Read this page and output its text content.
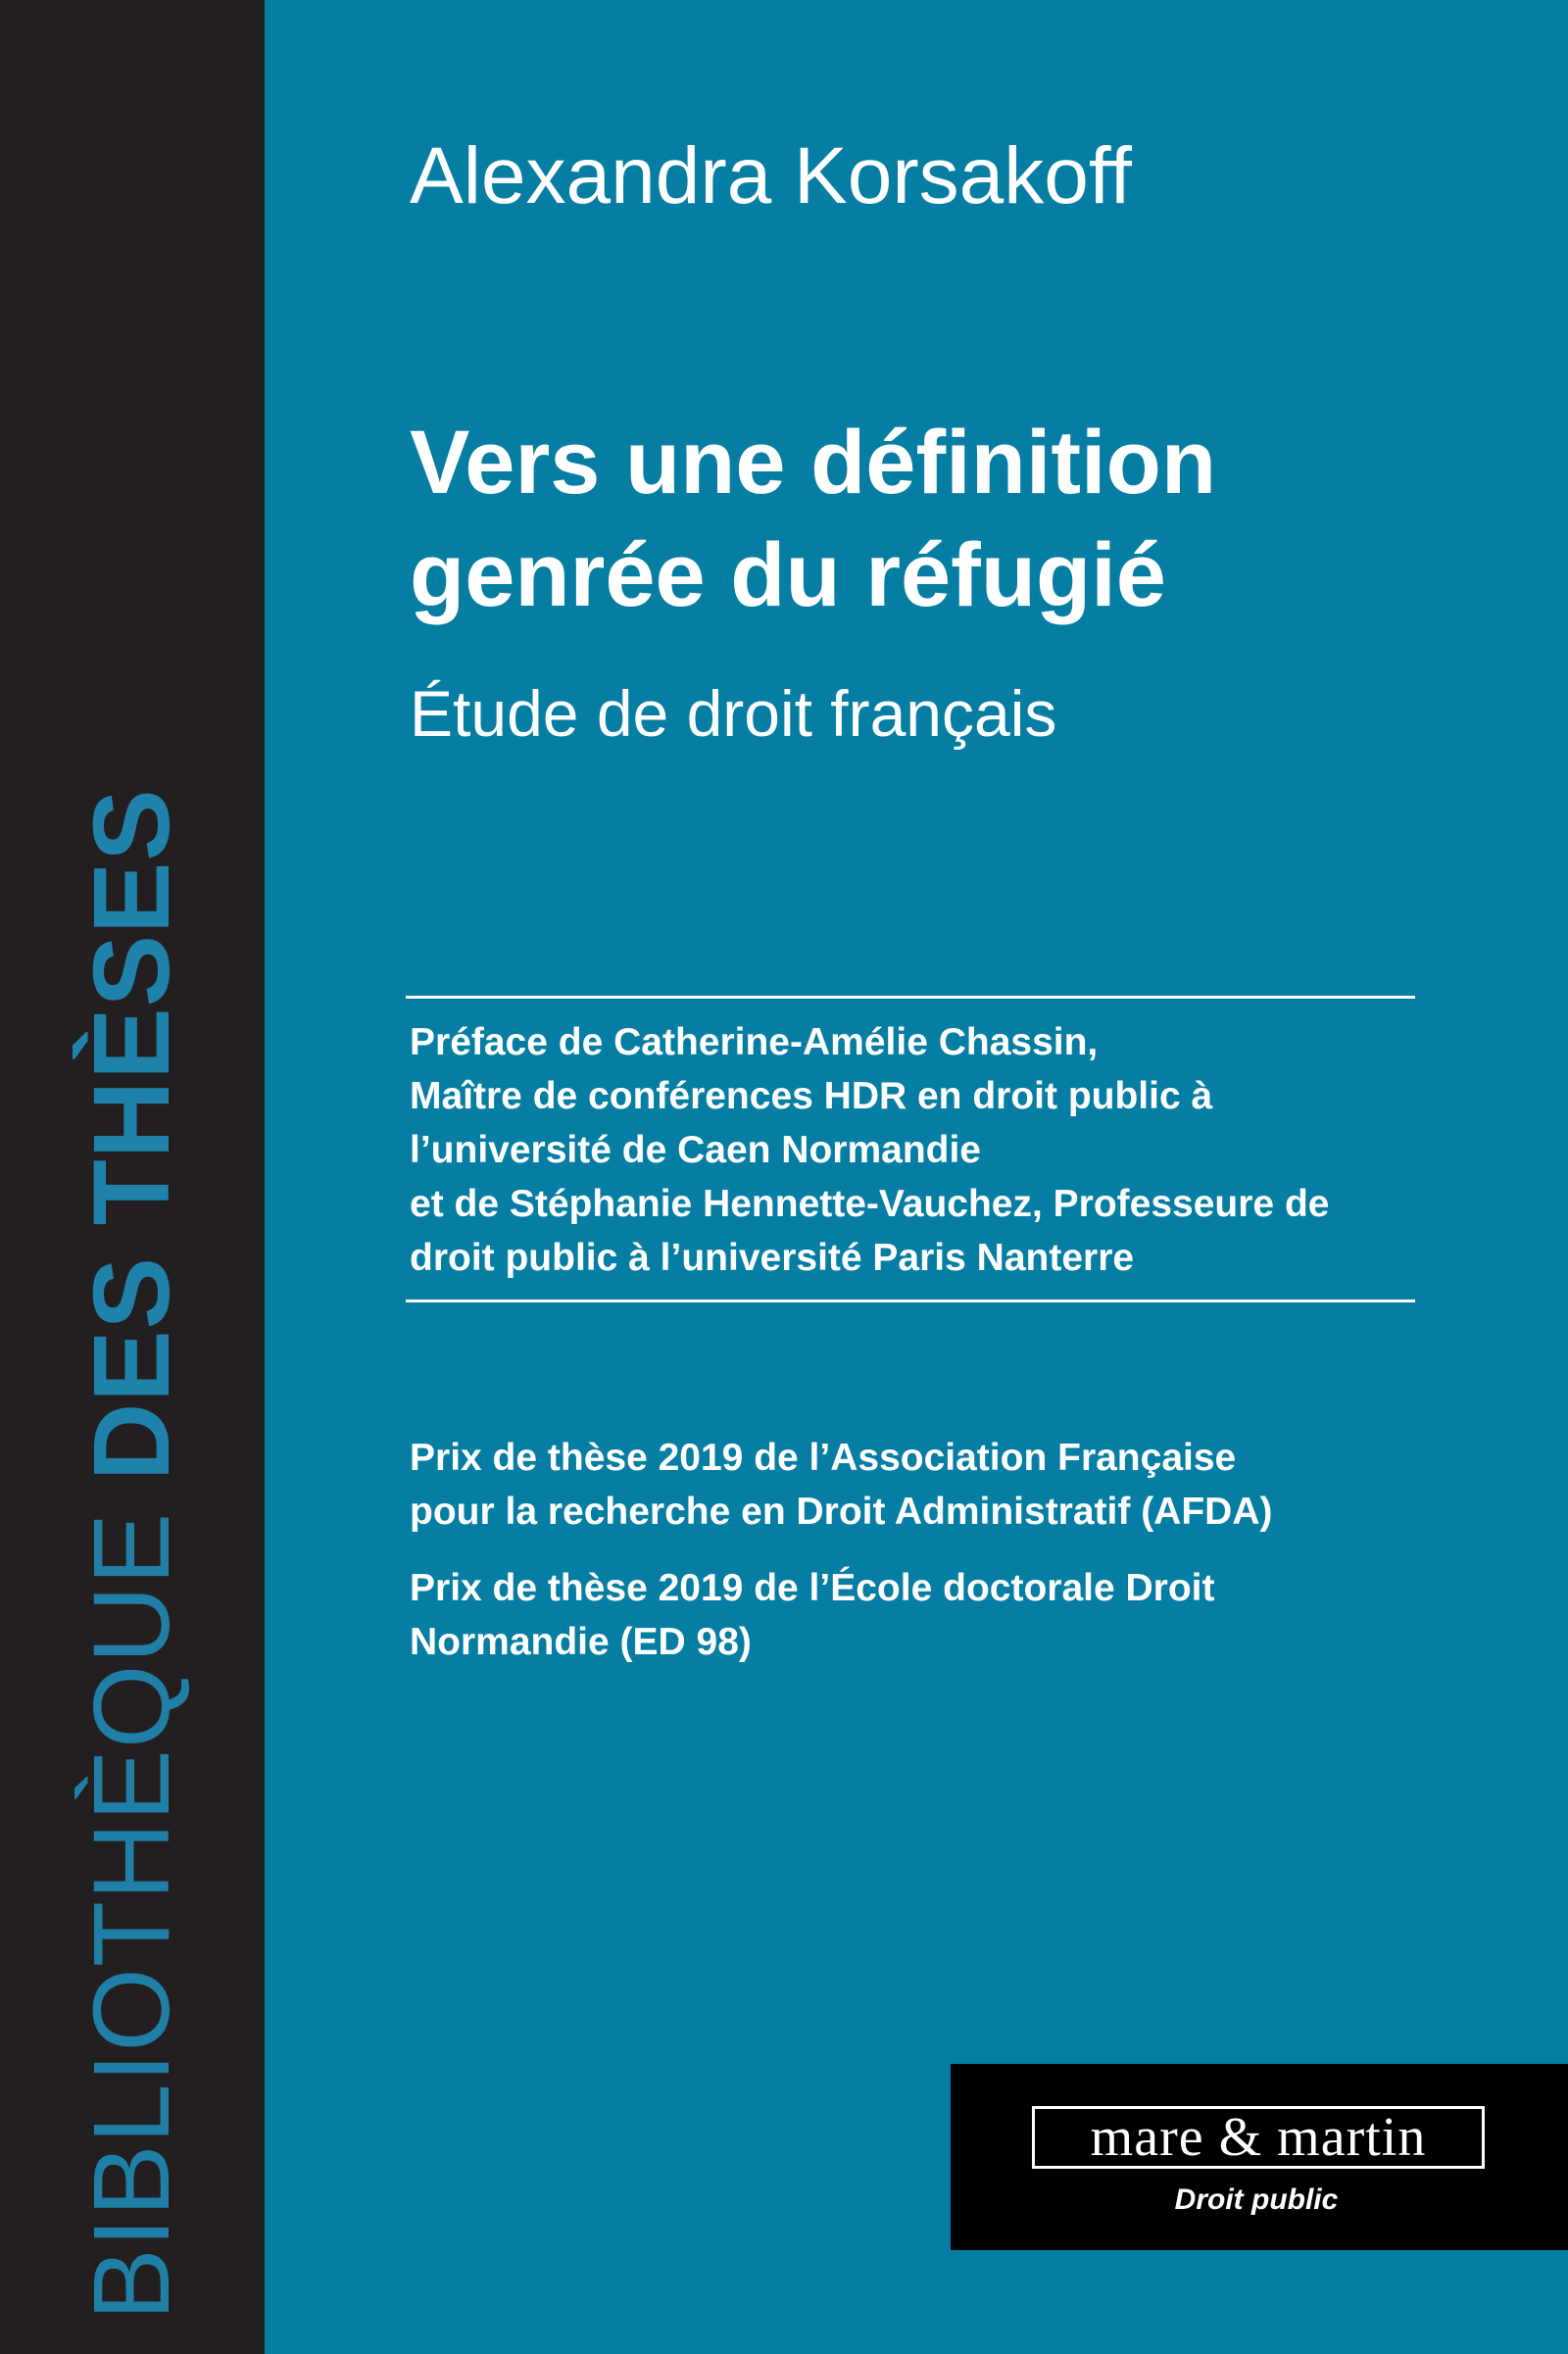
BIBLIOTHÈQUE DES THÈSES
Alexandra Korsakoff
Vers une définition
genrée du réfugié

Étude de droit français

Préface de Catherine-Amélie Chassin,
Maître de conférences HDR en droit public à
l’université de Caen Normandie
et de Stéphanie Hennette-Vauchez, Professeure de
droit public à l’université Paris Nanterre
Prix de thèse 2019 de l’Association Française
pour la recherche en Droit Administratif (AFDA)
Prix de thèse 2019 de l’École doctorale Droit
Normandie (ED 98)
mare & martin
Droit public
